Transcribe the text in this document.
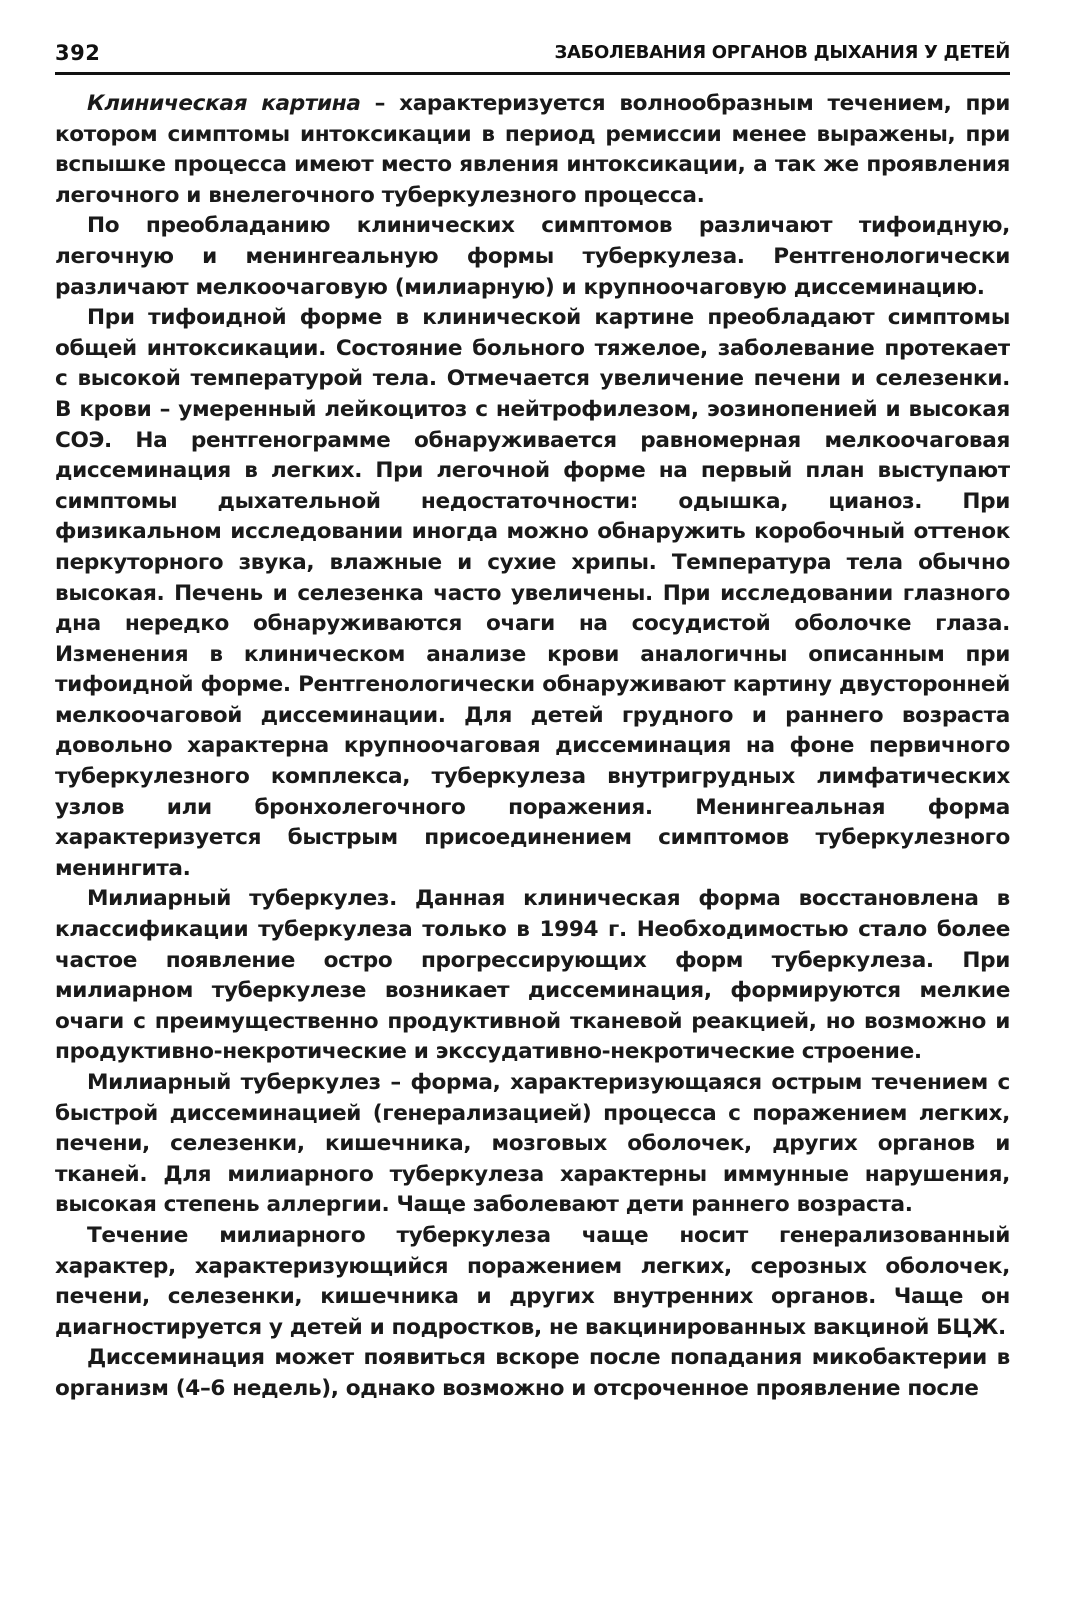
392	ЗАБОЛЕВАНИЯ ОРГАНОВ ДЫХАНИЯ У ДЕТЕЙ

Клиническая картина – характеризуется волнообразным течением, при котором симптомы интоксикации в период ремиссии менее выражены, при вспышке процесса имеют место явления интоксикации, а так же проявления легочного и внелегочного туберкулезного процесса.

По преобладанию клинических симптомов различают тифоидную, легочную и менингеальную формы туберкулеза. Рентгенологически различают мелкоочаговую (милиарную) и крупноочаговую диссеминацию.

При тифоидной форме в клинической картине преобладают симптомы общей интоксикации. Состояние больного тяжелое, заболевание протекает с высокой температурой тела. Отмечается увеличение печени и селезенки. В крови – умеренный лейкоцитоз с нейтрофилезом, эозинопенией и высокая СОЭ. На рентгенограмме обнаруживается равномерная мелкоочаговая диссеминация в легких. При легочной форме на первый план выступают симптомы дыхательной недостаточности: одышка, цианоз. При физикальном исследовании иногда можно обнаружить коробочный оттенок перкуторного звука, влажные и сухие хрипы. Температура тела обычно высокая. Печень и селезенка часто увеличены. При исследовании глазного дна нередко обнаруживаются очаги на сосудистой оболочке глаза. Изменения в клиническом анализе крови аналогичны описанным при тифоидной форме. Рентгенологически обнаруживают картину двусторонней мелкоочаговой диссеминации. Для детей грудного и раннего возраста довольно характерна крупноочаговая диссеминация на фоне первичного туберкулезного комплекса, туберкулеза внутригрудных лимфатических узлов или бронхолегочного поражения. Менингеальная форма характеризуется быстрым присоединением симптомов туберкулезного менингита.

Милиарный туберкулез. Данная клиническая форма восстановлена в классификации туберкулеза только в 1994 г. Необходимостью стало более частое появление остро прогрессирующих форм туберкулеза. При милиарном туберкулезе возникает диссеминация, формируются мелкие очаги с преимущественно продуктивной тканевой реакцией, но возможно и продуктивно-некротические и экссудативно-некротические строение.

Милиарный туберкулез – форма, характеризующаяся острым течением с быстрой диссеминацией (генерализацией) процесса с поражением легких, печени, селезенки, кишечника, мозговых оболочек, других органов и тканей. Для милиарного туберкулеза характерны иммунные нарушения, высокая степень аллергии. Чаще заболевают дети раннего возраста.

Течение милиарного туберкулеза чаще носит генерализованный характер, характеризующийся поражением легких, серозных оболочек, печени, селезенки, кишечника и других внутренних органов. Чаще он диагностируется у детей и подростков, не вакцинированных вакциной БЦЖ.

Диссеминация может появиться вскоре после попадания микобактерии в организм (4–6 недель), однако возможно и отсроченное проявление после
